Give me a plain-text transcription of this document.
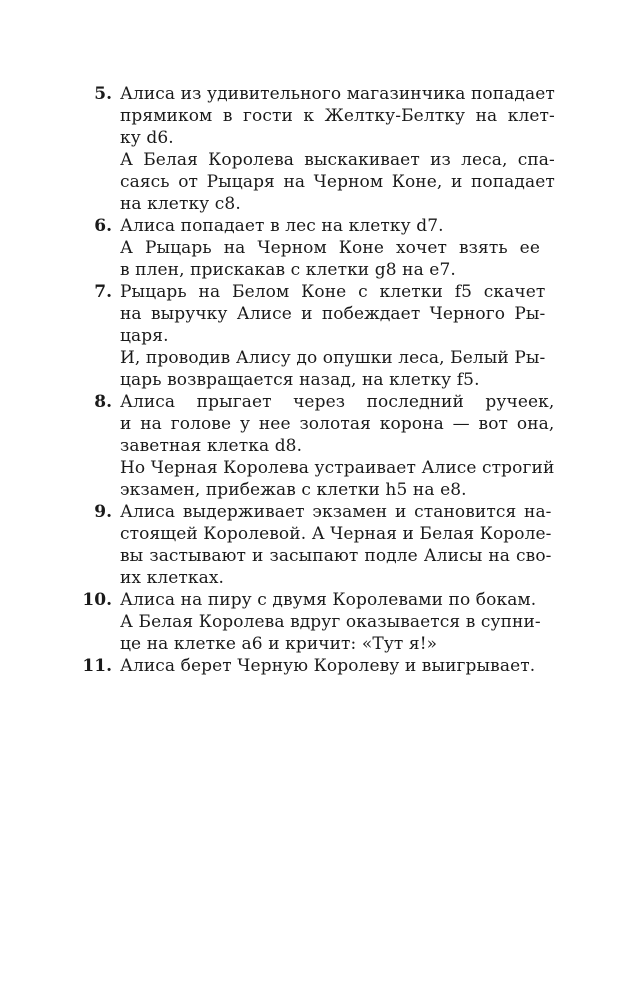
5. Алиса из удивительного магазинчика попадает
прямиком в гости к Желтку-Белтку на клет-
ку d6.
А Белая Королева выскакивает из леса, спа-
саясь от Рыцаря на Черном Коне, и попадает
на клетку c8.
6. Алиса попадает в лес на клетку d7.
А Рыцарь на Черном Коне хочет взять ее
в плен, прискакав с клетки g8 на e7.
7. Рыцарь на Белом Коне с клетки f5 скачет
на выручку Алисе и побеждает Черного Ры-
царя.
И, проводив Алису до опушки леса, Белый Ры-
царь возвращается назад, на клетку f5.
8. Алиса прыгает через последний ручеек,
и на голове у нее золотая корона — вот она,
заветная клетка d8.
Но Черная Королева устраивает Алисе строгий
экзамен, прибежав с клетки h5 на e8.
9. Алиса выдерживает экзамен и становится на-
стоящей Королевой. А Черная и Белая Короле-
вы застывают и засыпают подле Алисы на сво-
их клетках.
10. Алиса на пиру с двумя Королевами по бокам.
А Белая Королева вдруг оказывается в супни-
це на клетке a6 и кричит: «Тут я!»
11. Алиса берет Черную Королеву и выигрывает.
